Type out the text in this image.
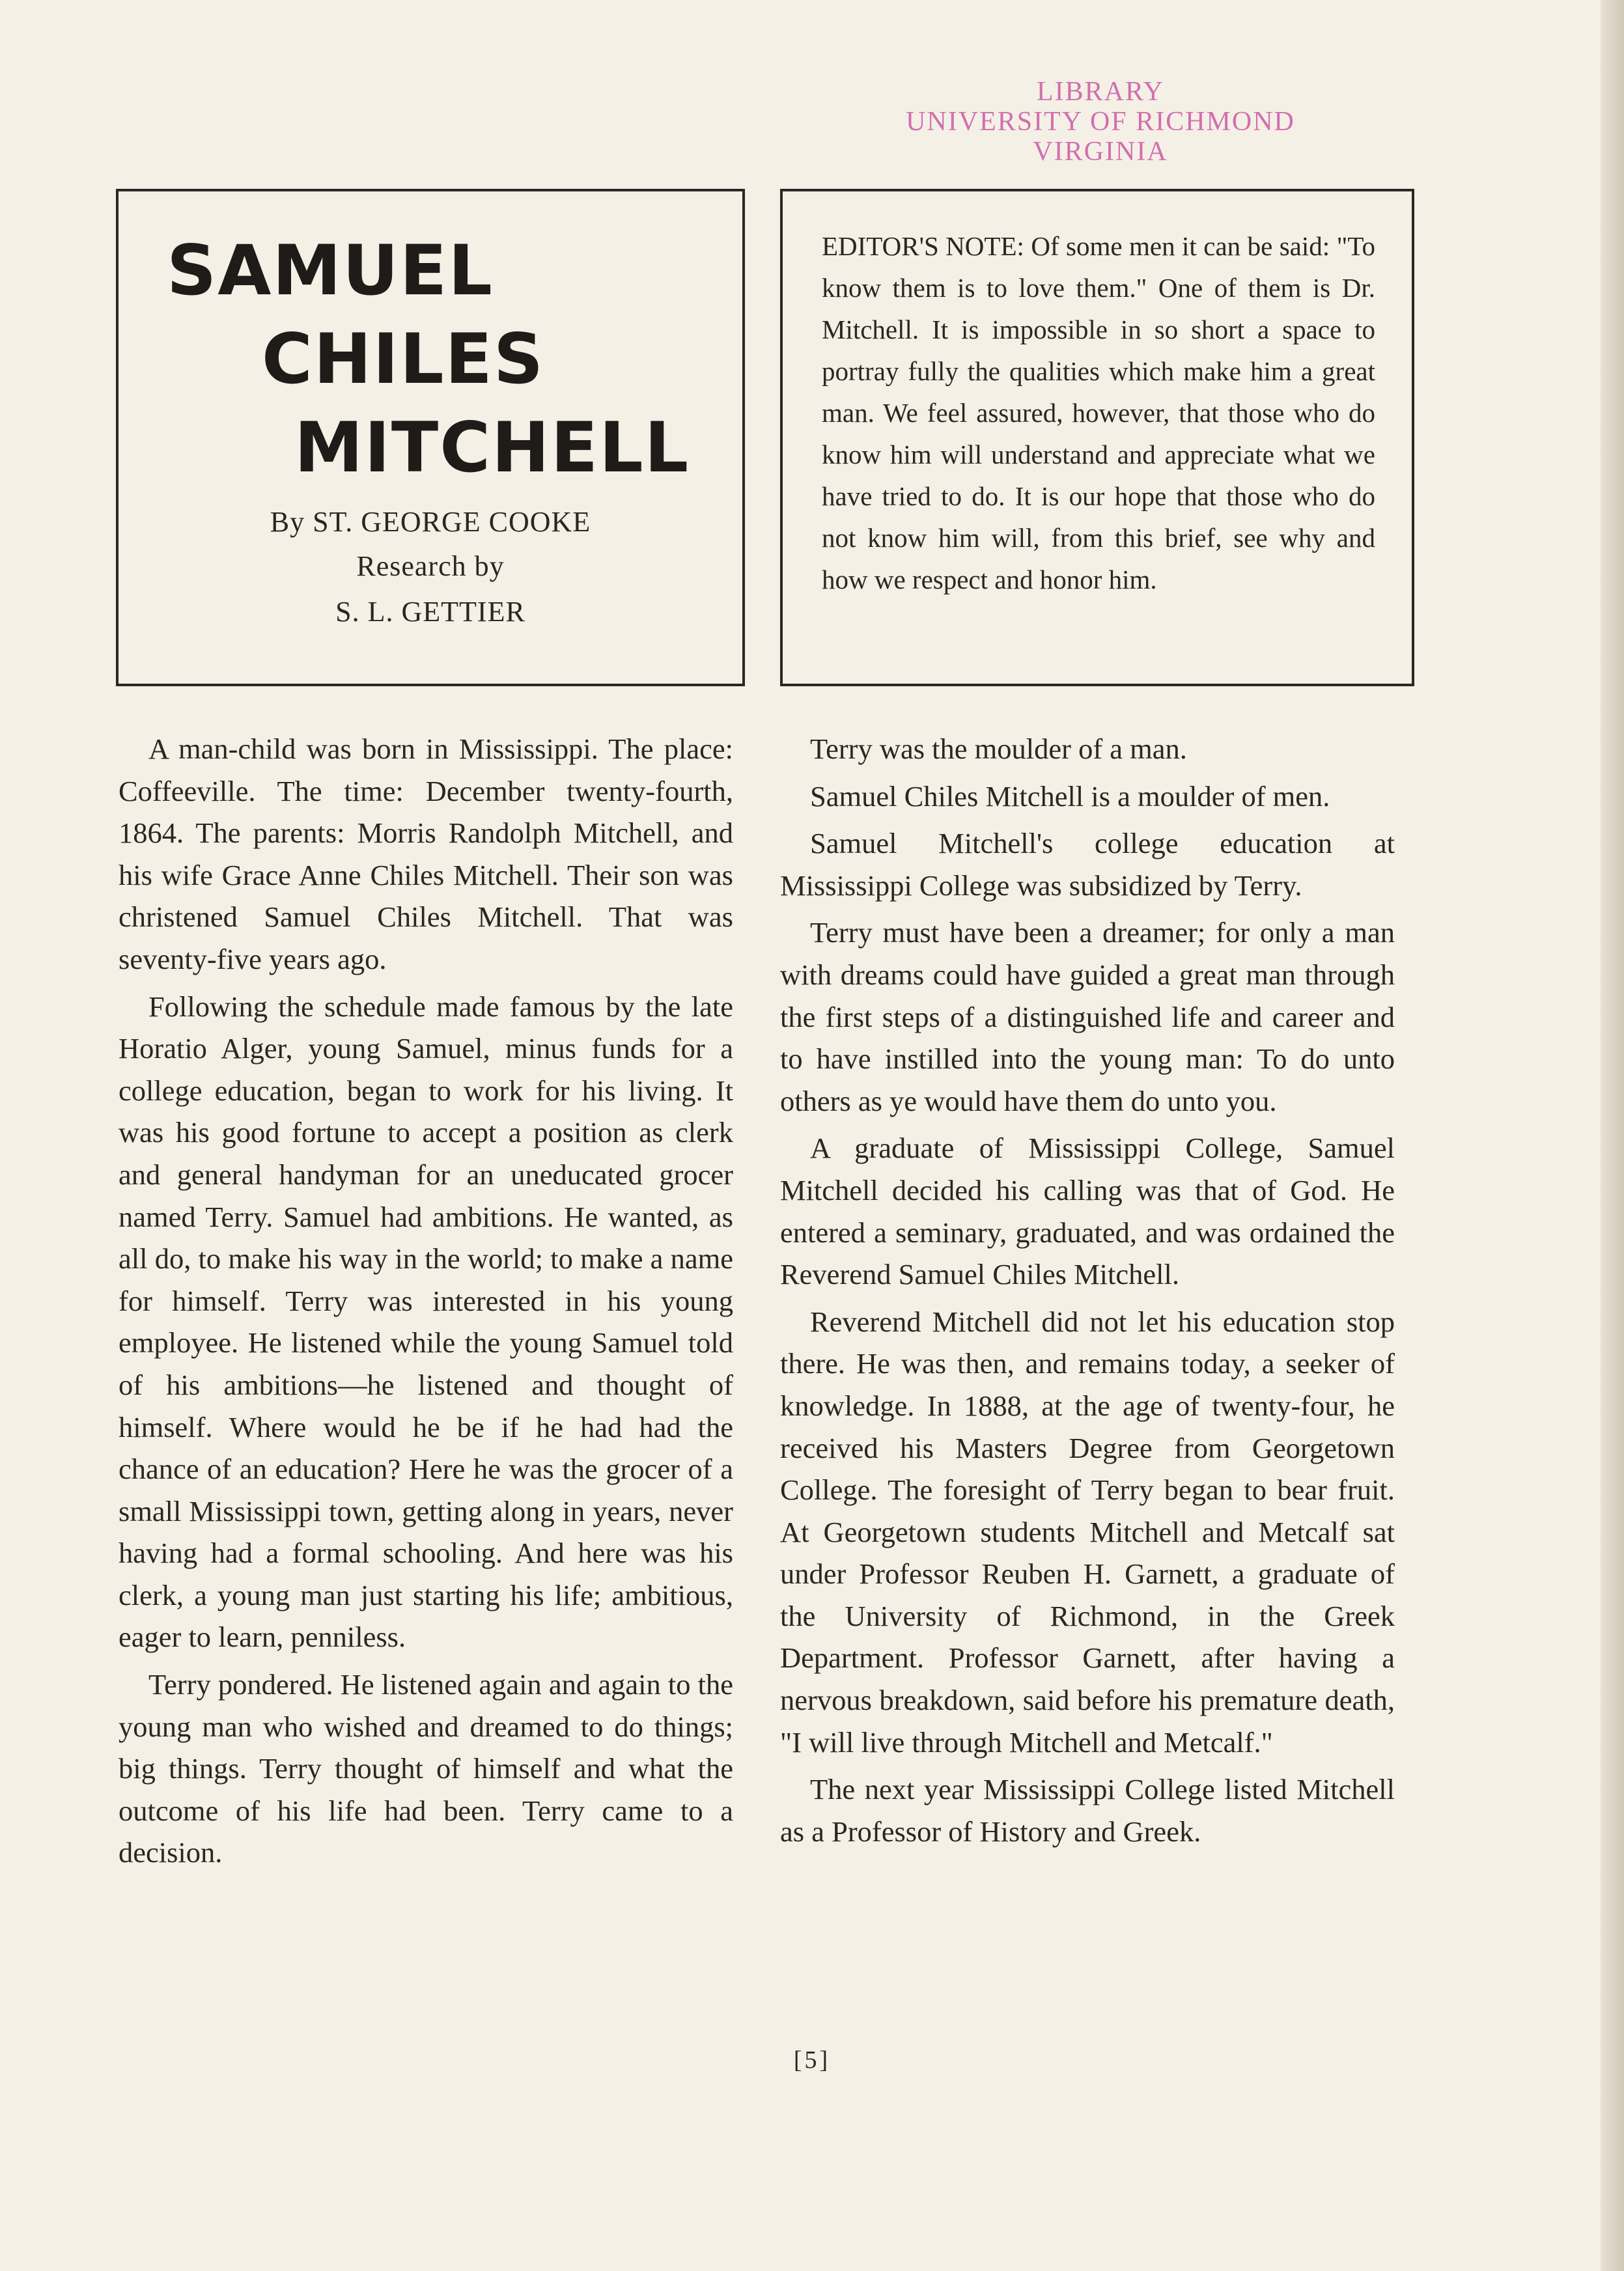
LIBRARY
UNIVERSITY OF RICHMOND
VIRGINIA
SAMUEL
CHILES
MITCHELL
By ST. GEORGE COOKE
Research by
S. L. GETTIER
EDITOR'S NOTE: Of some men it can be said: "To know them is to love them." One of them is Dr. Mitchell. It is impossible in so short a space to portray fully the qualities which make him a great man. We feel assured, however, that those who do know him will understand and appreciate what we have tried to do. It is our hope that those who do not know him will, from this brief, see why and how we respect and honor him.

A man-child was born in Mississippi. The place: Coffeeville. The time: December twenty-fourth, 1864. The parents: Morris Randolph Mitchell, and his wife Grace Anne Chiles Mitchell. Their son was christened Samuel Chiles Mitchell. That was seventy-five years ago.

Following the schedule made famous by the late Horatio Alger, young Samuel, minus funds for a college education, began to work for his living. It was his good fortune to accept a position as clerk and general handyman for an uneducated grocer named Terry. Samuel had ambitions. He wanted, as all do, to make his way in the world; to make a name for himself. Terry was interested in his young employee. He listened while the young Samuel told of his ambitions—he listened and thought of himself. Where would he be if he had had the chance of an education? Here he was the grocer of a small Mississippi town, getting along in years, never having had a formal schooling. And here was his clerk, a young man just starting his life; ambitious, eager to learn, penniless.

Terry pondered. He listened again and again to the young man who wished and dreamed to do things; big things. Terry thought of himself and what the outcome of his life had been. Terry came to a decision.

Terry was the moulder of a man.

Samuel Chiles Mitchell is a moulder of men.

Samuel Mitchell's college education at Mississippi College was subsidized by Terry.

Terry must have been a dreamer; for only a man with dreams could have guided a great man through the first steps of a distinguished life and career and to have instilled into the young man: To do unto others as ye would have them do unto you.

A graduate of Mississippi College, Samuel Mitchell decided his calling was that of God. He entered a seminary, graduated, and was ordained the Reverend Samuel Chiles Mitchell.

Reverend Mitchell did not let his education stop there. He was then, and remains today, a seeker of knowledge. In 1888, at the age of twenty-four, he received his Masters Degree from Georgetown College. The foresight of Terry began to bear fruit. At Georgetown students Mitchell and Metcalf sat under Professor Reuben H. Garnett, a graduate of the University of Richmond, in the Greek Department. Professor Garnett, after having a nervous breakdown, said before his premature death, "I will live through Mitchell and Metcalf."

The next year Mississippi College listed Mitchell as a Professor of History and Greek.

[5]
